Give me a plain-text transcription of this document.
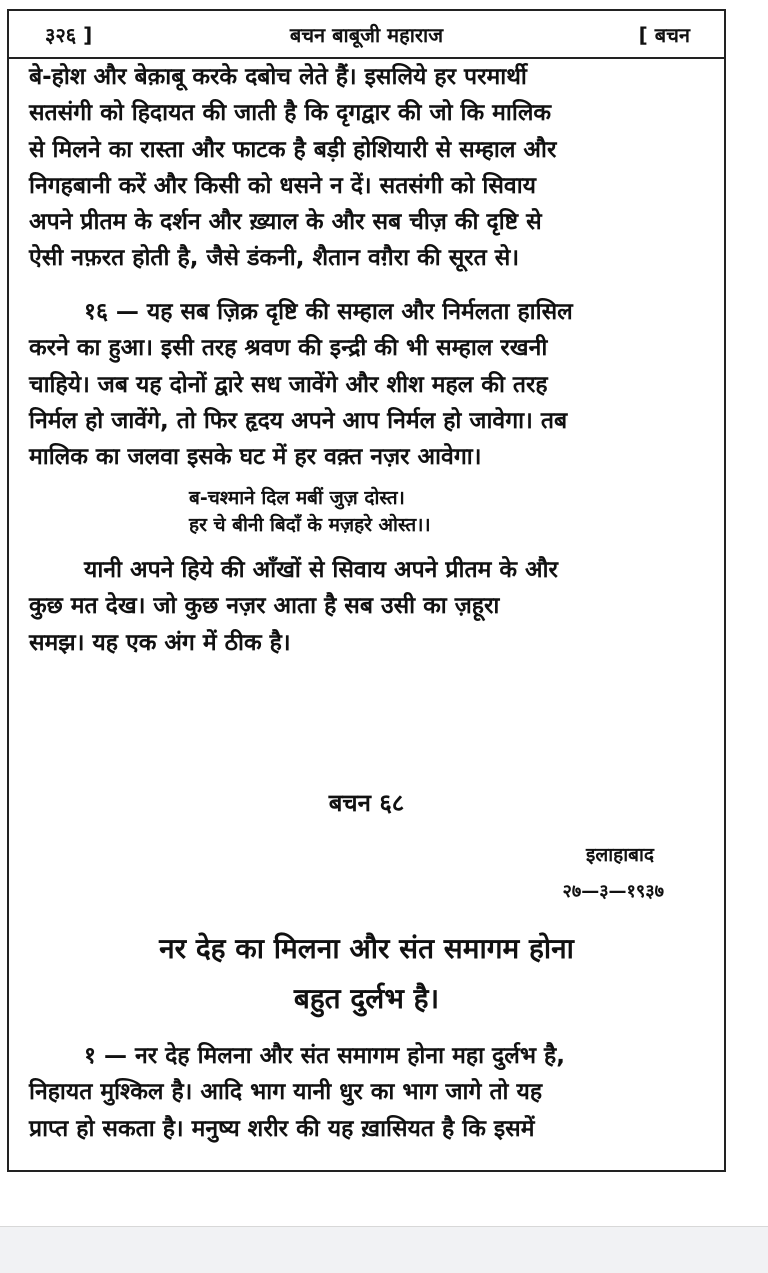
३२६ ]	बचन बाबूजी महाराज	[ बचन

बे-होश और बेक़ाबू करके दबोच लेते हैं। इसलिये हर परमार्थी
सतसंगी को हिदायत की जाती है कि दृगद्वार की जो कि मालिक
से मिलने का रास्ता और फाटक है बड़ी होशियारी से सम्हाल और
निगहबानी करें और किसी को धसने न दें। सतसंगी को सिवाय
अपने प्रीतम के दर्शन और ख़्याल के और सब चीज़ की दृष्टि से
ऐसी नफ़रत होती है, जैसे डंकनी, शैतान वग़ैरा की सूरत से।

१६ — यह सब ज़िक्र दृष्टि की सम्हाल और निर्मलता हासिल
करने का हुआ। इसी तरह श्रवण की इन्द्री की भी सम्हाल रखनी
चाहिये। जब यह दोनों द्वारे सध जावेंगे और शीश महल की तरह
निर्मल हो जावेंगे, तो फिर हृदय अपने आप निर्मल हो जावेगा। तब
मालिक का जलवा इसके घट में हर वक़्त नज़र आवेगा।

ब-चश्माने दिल मबीं जुज़ दोस्त।
हर चे बीनी बिदाँ के मज़हरे ओस्त।।

यानी अपने हिये की आँखों से सिवाय अपने प्रीतम के और
कुछ मत देख। जो कुछ नज़र आता है सब उसी का ज़हूरा
समझ। यह एक अंग में ठीक है।

बचन ६८
इलाहाबाद
२७—३—१९३७
नर देह का मिलना और संत समागम होना
बहुत दुर्लभ है।

१ — नर देह मिलना और संत समागम होना महा दुर्लभ है,
निहायत मुश्किल है। आदि भाग यानी धुर का भाग जागे तो यह
प्राप्त हो सकता है। मनुष्य शरीर की यह ख़ासियत है कि इसमें
